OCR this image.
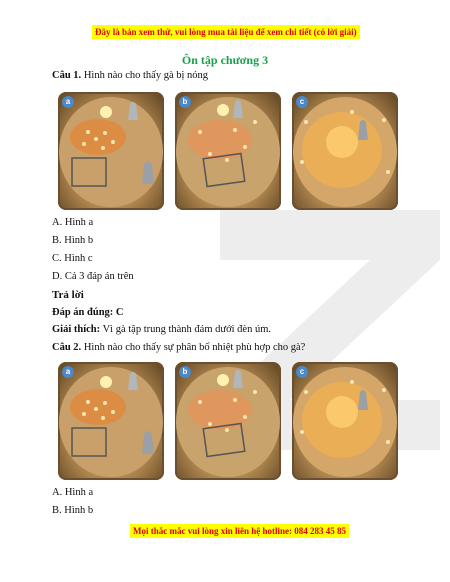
Đây là bản xem thử, vui lòng mua tài liệu để xem chi tiết (có lời giải)
Ôn tập chương 3
Câu 1. Hình nào cho thấy gà bị nóng
a	b	c
A. Hình a
B. Hình b
C. Hình c
D. Cả 3 đáp án trên
Trả lời
Đáp án đúng: C
Giải thích: Vì gà tập trung thành đám dưới đèn úm.
Câu 2. Hình nào cho thấy sự phân bố nhiệt phù hợp cho gà?
a	b	c
A. Hình a
B. Hình b
Mọi thắc mắc vui lòng xin liên hệ hotline: 084 283 45 85
